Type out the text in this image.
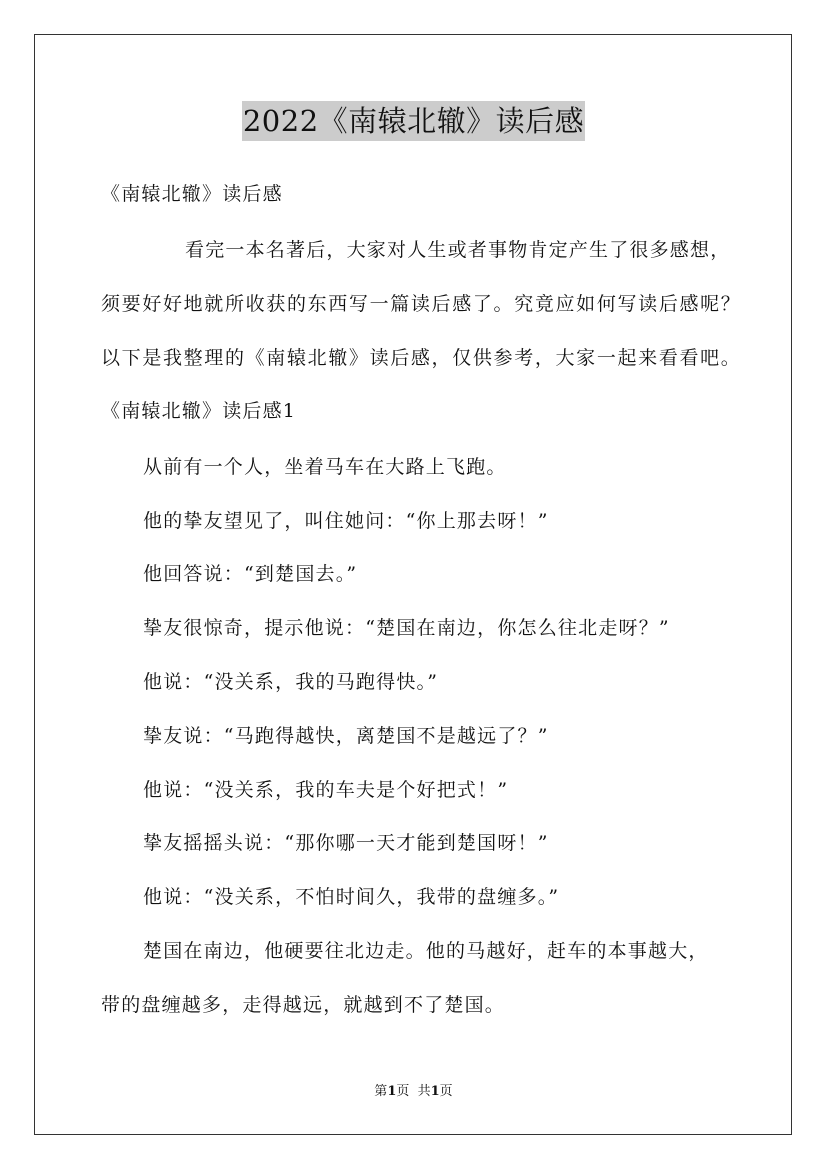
2022《南辕北辙》读后感
《南辕北辙》读后感
看完一本名著后，大家对人生或者事物肯定产生了很多感想，
须要好好地就所收获的东西写一篇读后感了。究竟应如何写读后感呢？
以下是我整理的《南辕北辙》读后感，仅供参考，大家一起来看看吧。
《南辕北辙》读后感1
从前有一个人，坐着马车在大路上飞跑。
他的挚友望见了，叫住她问：“你上那去呀！”
他回答说：“到楚国去。”
挚友很惊奇，提示他说：“楚国在南边，你怎么往北走呀？”
他说：“没关系，我的马跑得快。”
挚友说：“马跑得越快，离楚国不是越远了？”
他说：“没关系，我的车夫是个好把式！”
挚友摇摇头说：“那你哪一天才能到楚国呀！”
他说：“没关系，不怕时间久，我带的盘缠多。”
楚国在南边，他硬要往北边走。他的马越好，赶车的本事越大，
带的盘缠越多，走得越远，就越到不了楚国。
第1页  共1页
